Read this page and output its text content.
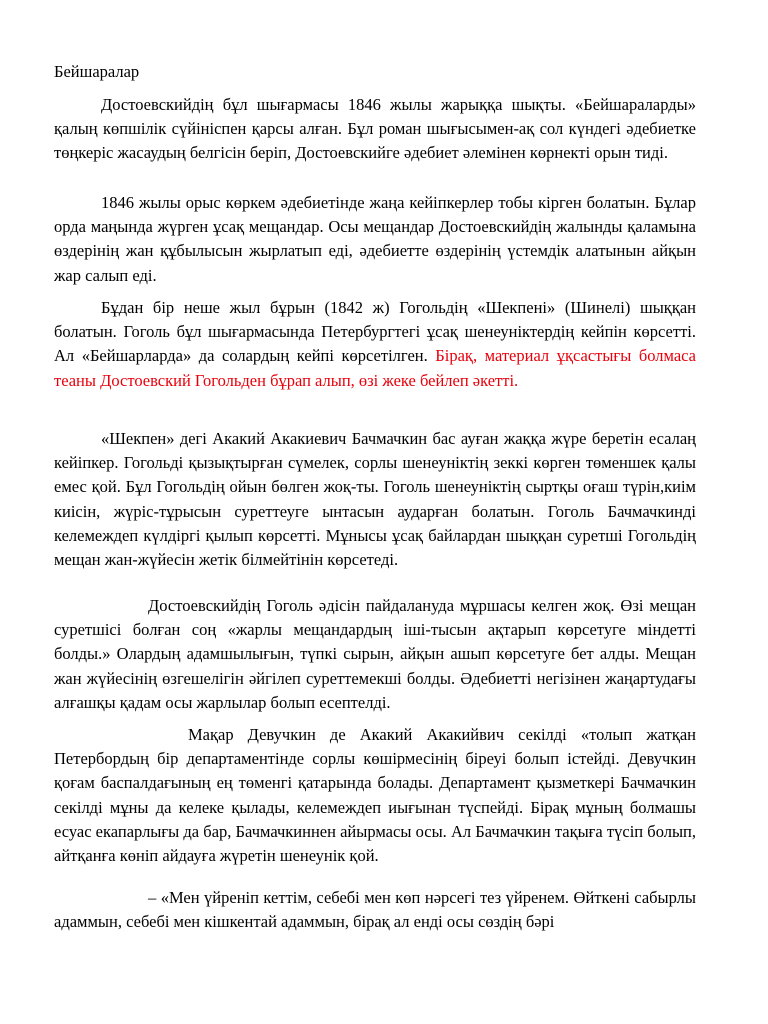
Бейшаралар

Достоевскийдің бұл шығармасы 1846 жылы жарыққа шықты. «Бейшараларды» қалың көпшілік сүйініспен қарсы алған. Бұл роман шығысымен-ақ сол күндегі әдебиетке төңкеріс жасаудың белгісін беріп, Достоевскийге әдебиет әлемінен көрнекті орын тиді.

1846 жылы орыс көркем әдебиетінде жаңа кейіпкерлер тобы кірген болатын. Бұлар орда маңында жүрген ұсақ мещандар. Осы мещандар Достоевскийдің жалынды қаламына өздерінің жан құбылысын жырлатып еді, әдебиетте өздерінің үстемдік алатынын айқын жар салып еді.

Бұдан бір неше жыл бұрын (1842 ж) Гогольдің «Шекпені» (Шинелі) шыққан болатын. Гоголь бұл шығармасында Петербургтегі ұсақ шенеуніктердің кейпін көрсетті. Ал «Бейшарларда» да солардың кейпі көрсетілген. Бірақ, материал ұқсастығы болмаса теаны Достоевский Гогольден бұрап алып, өзі жеке бейлеп әкетті.

«Шекпен» дегі Акакий Акакиевич Бачмачкин бас ауған жаққа жүре беретін есалаң кейіпкер. Гогольді қызықтырған сүмелек, сорлы шенеуніктің зеккі көрген төменшек қалы емес қой. Бұл Гогольдің ойын бөлген жоқ-ты. Гоголь шенеуніктің сыртқы оғаш түрін,киім киісін, жүріс-тұрысын суреттеуге ынтасын аударған болатын. Гоголь Бачмачкинді келемеждеп күлдіргі қылып көрсетті. Мұнысы ұсақ байлардан шыққан суретші Гогольдің мещан жан-жүйесін жетік білмейтінін көрсетеді.

Достоевскийдің Гоголь әдісін пайдалануда мұршасы келген жоқ. Өзі мещан суретшісі болған соң «жарлы мещандардың іші-тысын ақтарып көрсетуге міндетті болды.» Олардың адамшылығын, түпкі сырын, айқын ашып көрсетуге бет алды. Мещан жан жүйесінің өзгешелігін әйгілеп суреттемекші болды. Әдебиетті негізінен жаңартудағы алғашқы қадам осы жарлылар болып есептелді.

Мақар Девучкин де Акакий Акакийвич секілді «толып жатқан Петербордың бір департаментінде сорлы көшірмесінің біреуі болып істейді. Девучкин қоғам баспалдағының ең төменгі қатарында болады. Департамент қызметкері Бачмачкин секілді мұны да келеке қылады, келемеждеп иығынан түспейді. Бірақ мұның болмашы есуас екапарлығы да бар, Бачмачкиннен айырмасы осы. Ал Бачмачкин тақыға түсіп болып, айтқанға көніп айдауға жүретін шенеунік қой.

– «Мен үйреніп кеттім, себебі мен көп нәрсегі тез үйренем. Өйткені сабырлы адаммын, себебі мен кішкентай адаммын, бірақ ал енді осы сөздің бәрі
